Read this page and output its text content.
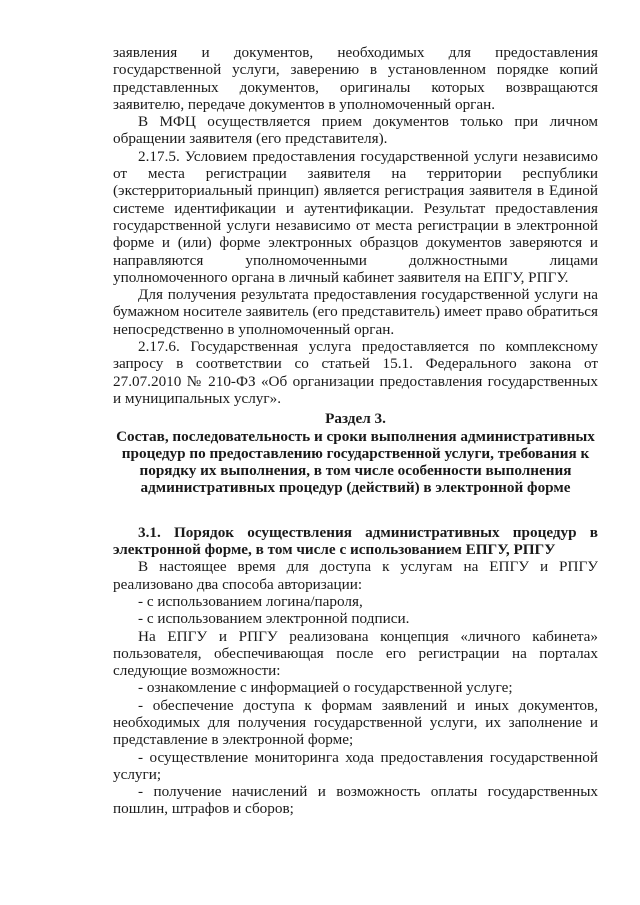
заявления и документов, необходимых для предоставления государственной услуги, заверению в установленном порядке копий представленных документов, оригиналы которых возвращаются заявителю, передаче документов в уполномоченный орган.

В МФЦ осуществляется прием документов только при личном обращении заявителя (его представителя).

2.17.5. Условием предоставления государственной услуги независимо от места регистрации заявителя на территории республики (экстерриториальный принцип) является регистрация заявителя в Единой системе идентификации и аутентификации. Результат предоставления государственной услуги независимо от места регистрации в электронной форме и (или) форме электронных образцов документов заверяются и направляются уполномоченными должностными лицами уполномоченного органа в личный кабинет заявителя на ЕПГУ, РПГУ.

Для получения результата предоставления государственной услуги на бумажном носителе заявитель (его представитель) имеет право обратиться непосредственно в уполномоченный орган.

2.17.6. Государственная услуга предоставляется по комплексному запросу в соответствии со статьей 15.1. Федерального закона от 27.07.2010 № 210-ФЗ «Об организации предоставления государственных и муниципальных услуг».

Раздел 3.

Состав, последовательность и сроки выполнения административных процедур по предоставлению государственной услуги, требования к порядку их выполнения, в том числе особенности выполнения административных процедур (действий) в электронной форме

3.1. Порядок осуществления административных процедур в электронной форме, в том числе с использованием ЕПГУ, РПГУ

В настоящее время для доступа к услугам на ЕПГУ и РПГУ реализовано два способа авторизации:

- с использованием логина/пароля,

- с использованием электронной подписи.

На ЕПГУ и РПГУ реализована концепция «личного кабинета» пользователя, обеспечивающая после его регистрации на порталах следующие возможности:

- ознакомление с информацией о государственной услуге;

- обеспечение доступа к формам заявлений и иных документов, необходимых для получения государственной услуги, их заполнение и представление в электронной форме;

- осуществление мониторинга хода предоставления государственной услуги;

- получение начислений и возможность оплаты государственных пошлин, штрафов и сборов;
